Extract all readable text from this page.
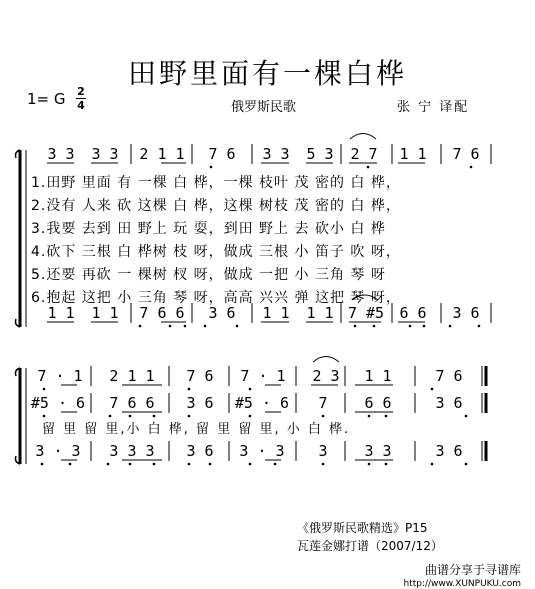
田野里面有一棵白桦
1= G 2
4	俄罗斯民歌	张 宁 译配
3 3 3 3 2 1 1 7 6 3 3 5 3 2 7 1 1 7 6
1.田野 里面 有 一棵 白 桦，一棵 枝叶 茂 密的 白 桦，
2.没有 人来 砍 这棵 白 桦，这棵 树枝 茂 密的 白 桦，
3.我要 去到 田 野上 玩 耍，到田 野上 去 砍小 白 桦
4.砍下 三根 白 桦树 枝 呀，做成 三根 小 笛子 吹 呀，
5.还要 再砍 一 棵树 杈 呀，做成 一把 小 三角 琴 呀
6.抱起 这把 小 三角 琴 呀，高高 兴兴 弹 这把 琴 呀，
1 1 1 1 7 6 6 3 6 1 1 1 1 7 #5 6 6 3 6
7 · 1 2 1 1 7 6 7 · 1 2 3 1 1	7 6
#5 · 6 7 6 6 3 6 #5 · 6 7 6 6	3 6
留 里 留 里,小 白 桦, 留 里 留 里, 小 白 桦.
3 · 3 3 3 3 3 6 3 · 3 3 3 3	3 6
《俄罗斯民歌精选》P15
瓦莲金娜打谱（2007/12）
曲谱分享于寻谱库
http://www.XUNPUKU.com
